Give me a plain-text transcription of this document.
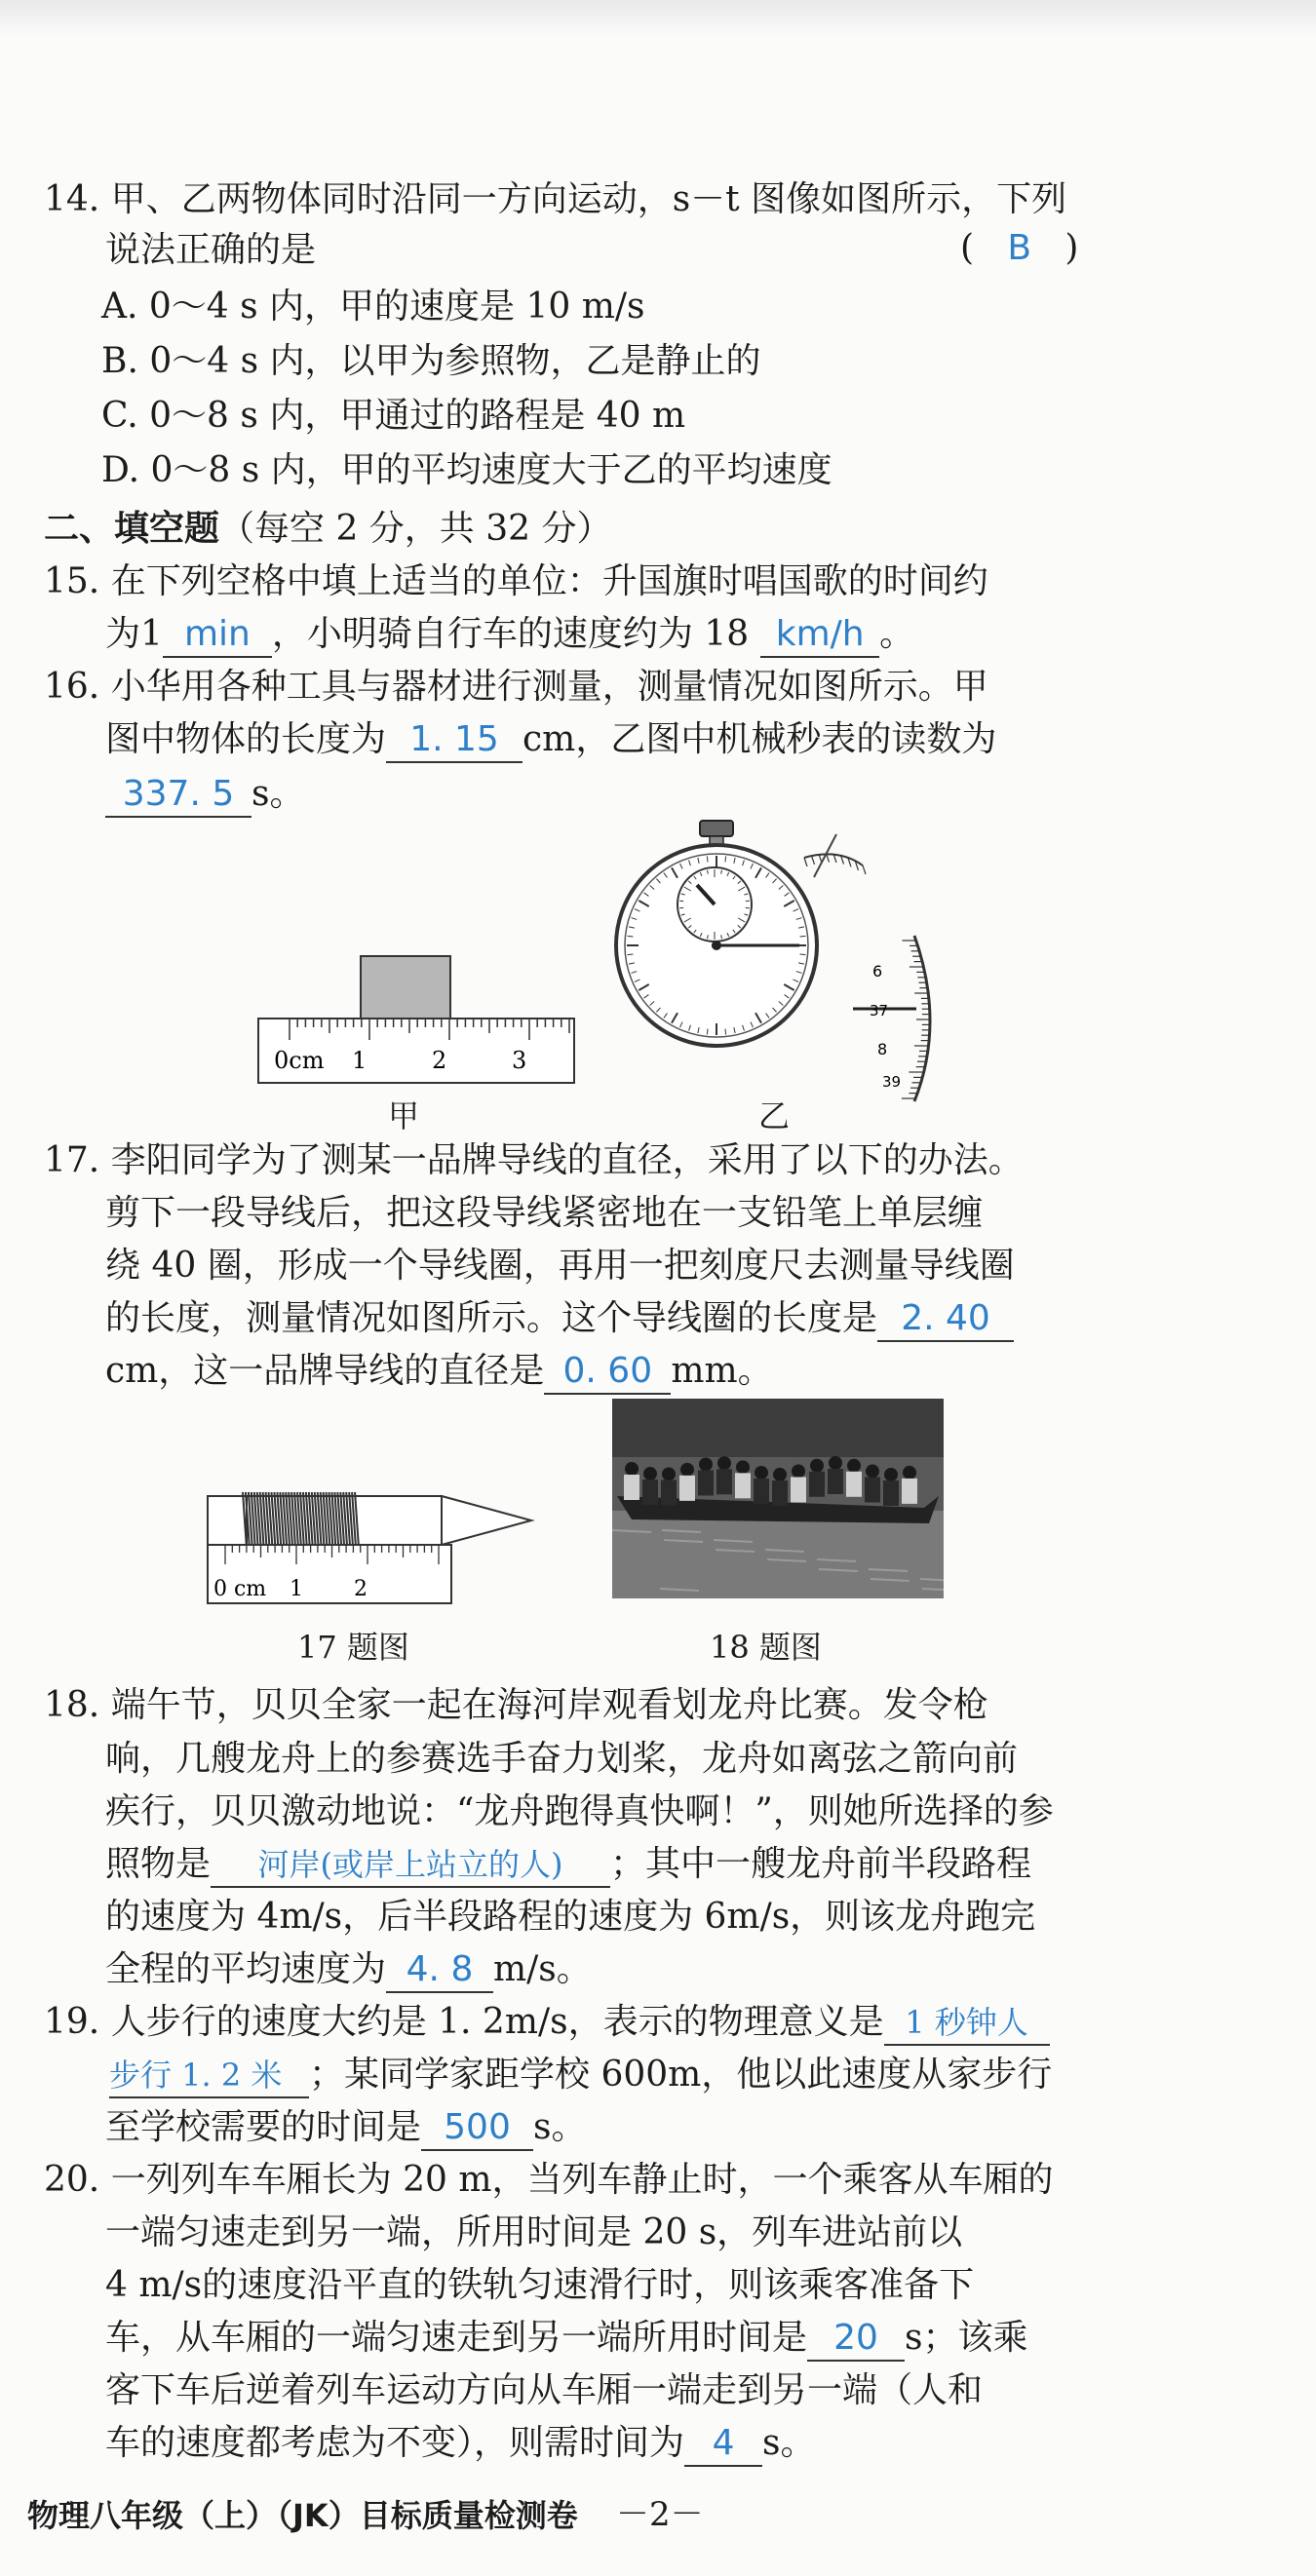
14. 甲、乙两物体同时沿同一方向运动，s－t 图像如图所示，下列
说法正确的是	(   B   )
A. 0～4 s 内，甲的速度是 10 m/s
B. 0～4 s 内，以甲为参照物，乙是静止的
C. 0～8 s 内，甲通过的路程是 40 m
D. 0～8 s 内，甲的平均速度大于乙的平均速度
二、填空题（每空 2 分，共 32 分）
15. 在下列空格中填上适当的单位：升国旗时唱国歌的时间约
为1 min ，小明骑自行车的速度约为 18 km/h 。
16. 小华用各种工具与器材进行测量，测量情况如图所示。甲
图中物体的长度为 1. 15 cm，乙图中机械秒表的读数为
337. 5 s。
0cm 1	2	3
6
37
8
39
甲	乙
17. 李阳同学为了测某一品牌导线的直径，采用了以下的办法。
剪下一段导线后，把这段导线紧密地在一支铅笔上单层缠
绕 40 圈，形成一个导线圈，再用一把刻度尺去测量导线圈
的长度，测量情况如图所示。这个导线圈的长度是 2. 40
cm，这一品牌导线的直径是 0. 60 mm。
0 cm 1 2
17 题图	18 题图
18. 端午节，贝贝全家一起在海河岸观看划龙舟比赛。发令枪
响，几艘龙舟上的参赛选手奋力划桨，龙舟如离弦之箭向前
疾行，贝贝激动地说：“龙舟跑得真快啊！”，则她所选择的参
照物是 河岸(或岸上站立的人) ；其中一艘龙舟前半段路程
的速度为 4m/s，后半段路程的速度为 6m/s，则该龙舟跑完
全程的平均速度为 4. 8 m/s。
19. 人步行的速度大约是 1. 2m/s，表示的物理意义是 1 秒钟人
步行 1. 2 米 ；某同学家距学校 600m，他以此速度从家步行
至学校需要的时间是 500 s。
20. 一列列车车厢长为 20 m，当列车静止时，一个乘客从车厢的
一端匀速走到另一端，所用时间是 20 s，列车进站前以
4 m/s的速度沿平直的铁轨匀速滑行时，则该乘客准备下
车，从车厢的一端匀速走到另一端所用时间是 20 s；该乘
客下车后逆着列车运动方向从车厢一端走到另一端（人和
车的速度都考虑为不变），则需时间为 4 s。
物理八年级（上）（JK）目标质量检测卷 －2－
